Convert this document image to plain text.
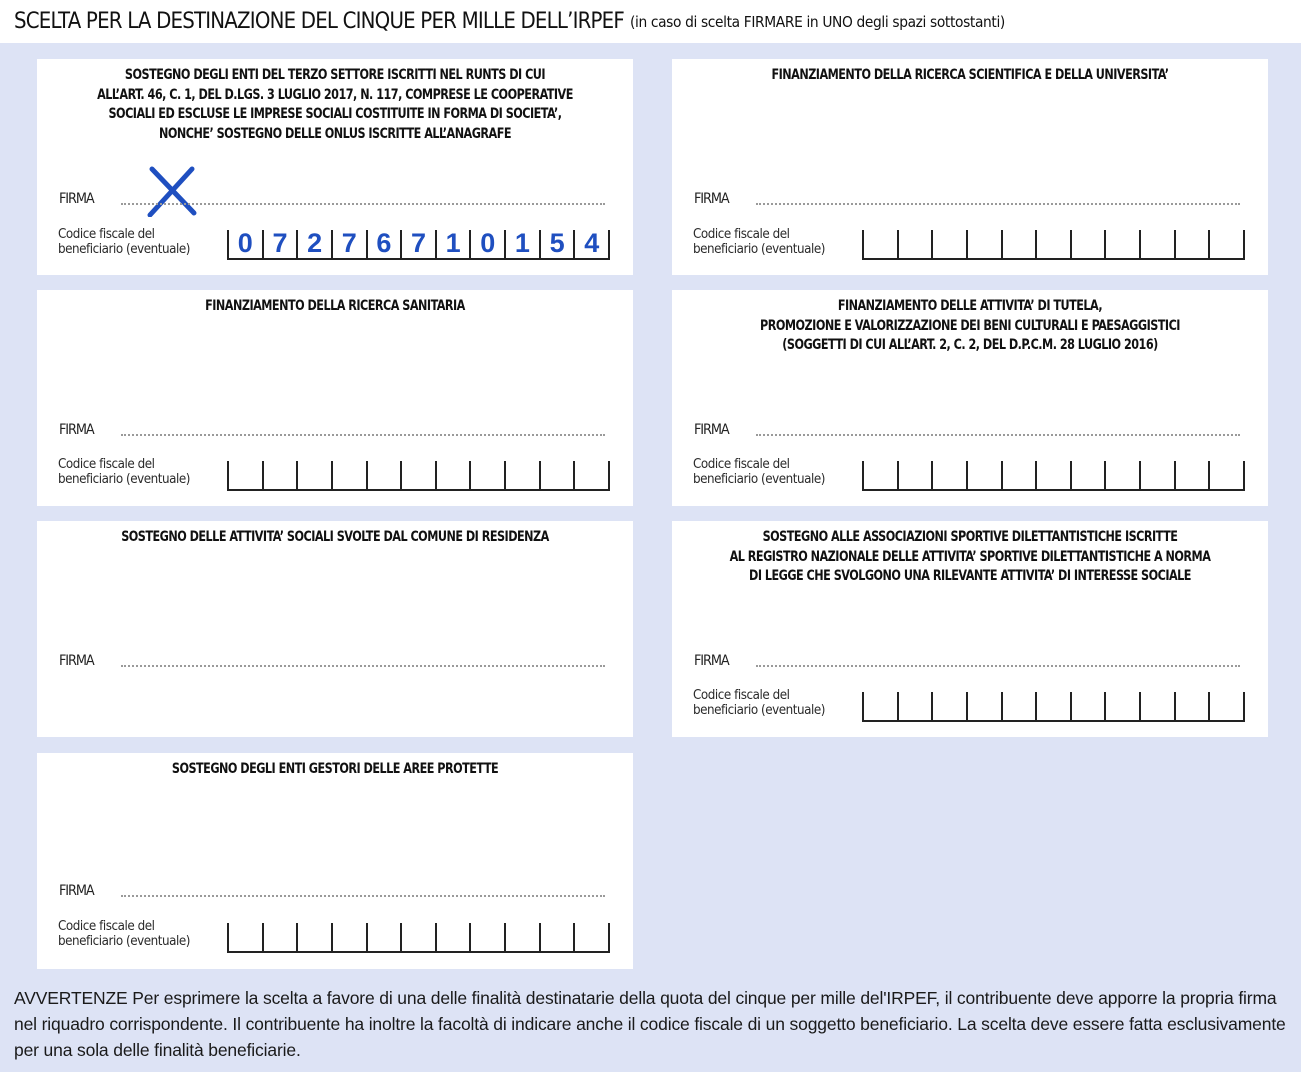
SCELTA PER LA DESTINAZIONE DEL CINQUE PER MILLE DELL’IRPEF (in caso di scelta FIRMARE in UNO degli spazi sottostanti)
SOSTEGNO DEGLI ENTI DEL TERZO SETTORE ISCRITTI NEL RUNTS DI CUI
ALL’ART. 46, C. 1, DEL D.LGS. 3 LUGLIO 2017, N. 117, COMPRESE LE COOPERATIVE
SOCIALI ED ESCLUSE LE IMPRESE SOCIALI COSTITUITE IN FORMA DI SOCIETA’,
NONCHE’ SOSTEGNO DELLE ONLUS ISCRITTE ALL’ANAGRAFE
FIRMA
Codice fiscale del
beneficiario (eventuale)	0 7 2 7 6 7 1 0 1 5 4
FINANZIAMENTO DELLA RICERCA SCIENTIFICA E DELLA UNIVERSITA’
FIRMA
Codice fiscale del
beneficiario (eventuale)
FINANZIAMENTO DELLA RICERCA SANITARIA
FIRMA
Codice fiscale del
beneficiario (eventuale)
FINANZIAMENTO DELLE ATTIVITA’ DI TUTELA,
PROMOZIONE E VALORIZZAZIONE DEI BENI CULTURALI E PAESAGGISTICI
(SOGGETTI DI CUI ALL’ART. 2, C. 2, DEL D.P.C.M. 28 LUGLIO 2016)
FIRMA
Codice fiscale del
beneficiario (eventuale)
SOSTEGNO DELLE ATTIVITA’ SOCIALI SVOLTE DAL COMUNE DI RESIDENZA
FIRMA
SOSTEGNO ALLE ASSOCIAZIONI SPORTIVE DILETTANTISTICHE ISCRITTE
AL REGISTRO NAZIONALE DELLE ATTIVITA’ SPORTIVE DILETTANTISTICHE A NORMA
DI LEGGE CHE SVOLGONO UNA RILEVANTE ATTIVITA’ DI INTERESSE SOCIALE
FIRMA
Codice fiscale del
beneficiario (eventuale)
SOSTEGNO DEGLI ENTI GESTORI DELLE AREE PROTETTE
FIRMA
Codice fiscale del
beneficiario (eventuale)
AVVERTENZE Per esprimere la scelta a favore di una delle finalità destinatarie della quota del cinque per mille del'IRPEF, il contribuente deve apporre la propria firma nel riquadro corrispondente. Il contribuente ha inoltre la facoltà di indicare anche il codice fiscale di un soggetto beneficiario. La scelta deve essere fatta esclusivamente per una sola delle finalità beneficiarie.
